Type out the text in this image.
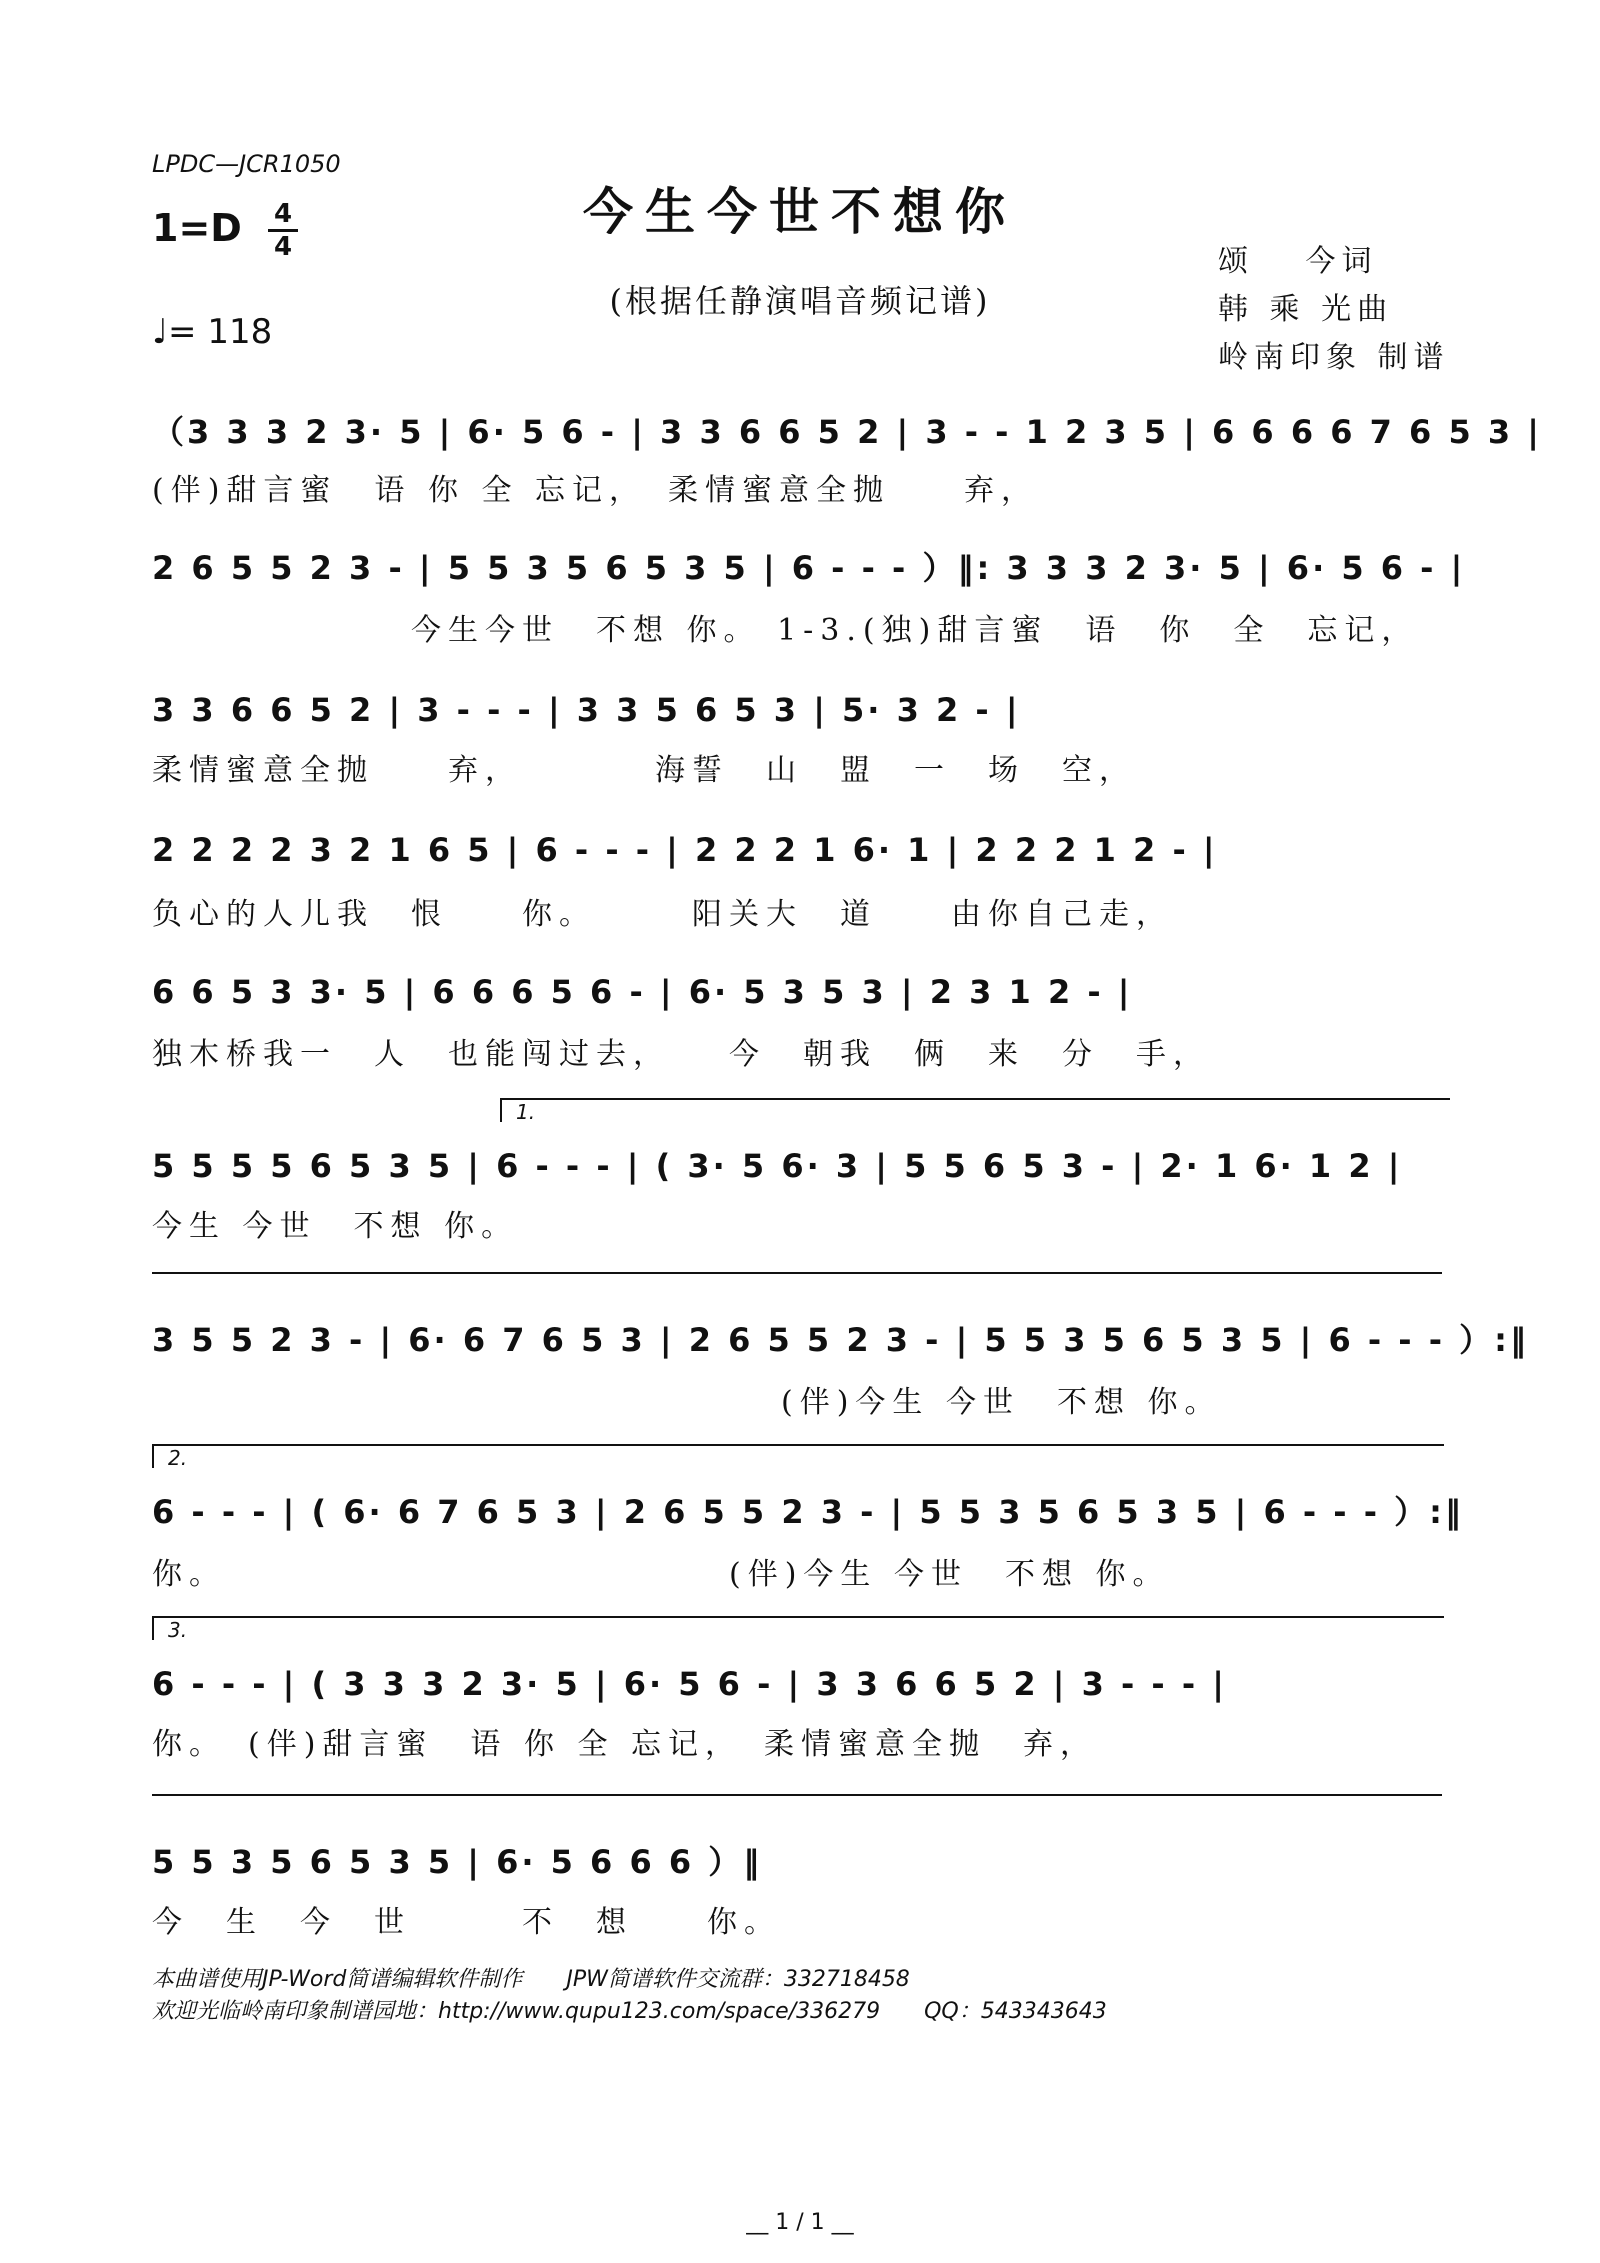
LPDC—JCR1050
今生今世不想你
(根据任静演唱音频记谱)
1=D 4
4
♩= 118
颂　 今词
韩 乘 光曲
岭南印象 制谱
（3 3 3 2 3· 5 | 6· 5 6 - | 3 3 6 6 5 2 | 3 - - 1 2 3 5 | 6 6 6 6 7 6 5 3 |
(伴)甜言蜜　语 你 全 忘记，　柔情蜜意全抛　　弃，
2 6 5 5 2 3 - | 5 5 3 5 6 5 3 5 | 6 - - - ）‖: 3 3 3 2 3· 5 | 6· 5 6 - |
　　　　　　　今生今世　不想 你。 1-3.(独)甜言蜜　语　你　全　忘记，
3 3 6 6 5 2 | 3 - - - | 3 3 5 6 5 3 | 5· 3 2 - |
柔情蜜意全抛　　弃，　　　　海誓　山　盟　一　场　空，
2 2 2 2 3 2 1 6 5 | 6 - - - | 2 2 2 1 6· 1 | 2 2 2 1 2 - |
负心的人儿我　恨　　你。　　　阳关大　道　　由你自己走，
6 6 5 3 3· 5 | 6 6 6 5 6 - | 6· 5 3 5 3 | 2 3 1 2 - |
独木桥我一　人　也能闯过去，　　今　朝我　俩　来　分　手，
1.
5 5 5 5 6 5 3 5 | 6 - - - | ( 3· 5 6· 3 | 5 5 6 5 3 - | 2· 1 6· 1 2 |
今生 今世　不想 你。
3 5 5 2 3 - | 6· 6 7 6 5 3 | 2 6 5 5 2 3 - | 5 5 3 5 6 5 3 5 | 6 - - - ）:‖
　　　　　　　　　　　　　　　　　(伴)今生 今世　不想 你。
2.
6 - - - | ( 6· 6 7 6 5 3 | 2 6 5 5 2 3 - | 5 5 3 5 6 5 3 5 | 6 - - - ）:‖
你。　　　　　　　　　　　　　　(伴)今生 今世　不想 你。
3.
6 - - - | ( 3 3 3 2 3· 5 | 6· 5 6 - | 3 3 6 6 5 2 | 3 - - - |
你。　(伴)甜言蜜　语 你 全 忘记，　柔情蜜意全抛　弃，
5 5 3 5 6 5 3 5 | 6· 5 6 6 6 ）‖
今　生　今　世　　　不　想　　你。
本曲谱使用JP-Word简谱编辑软件制作　　JPW简谱软件交流群：332718458
欢迎光临岭南印象制谱园地：http://www.qupu123.com/space/336279　　QQ：543343643
__ 1 / 1 __
